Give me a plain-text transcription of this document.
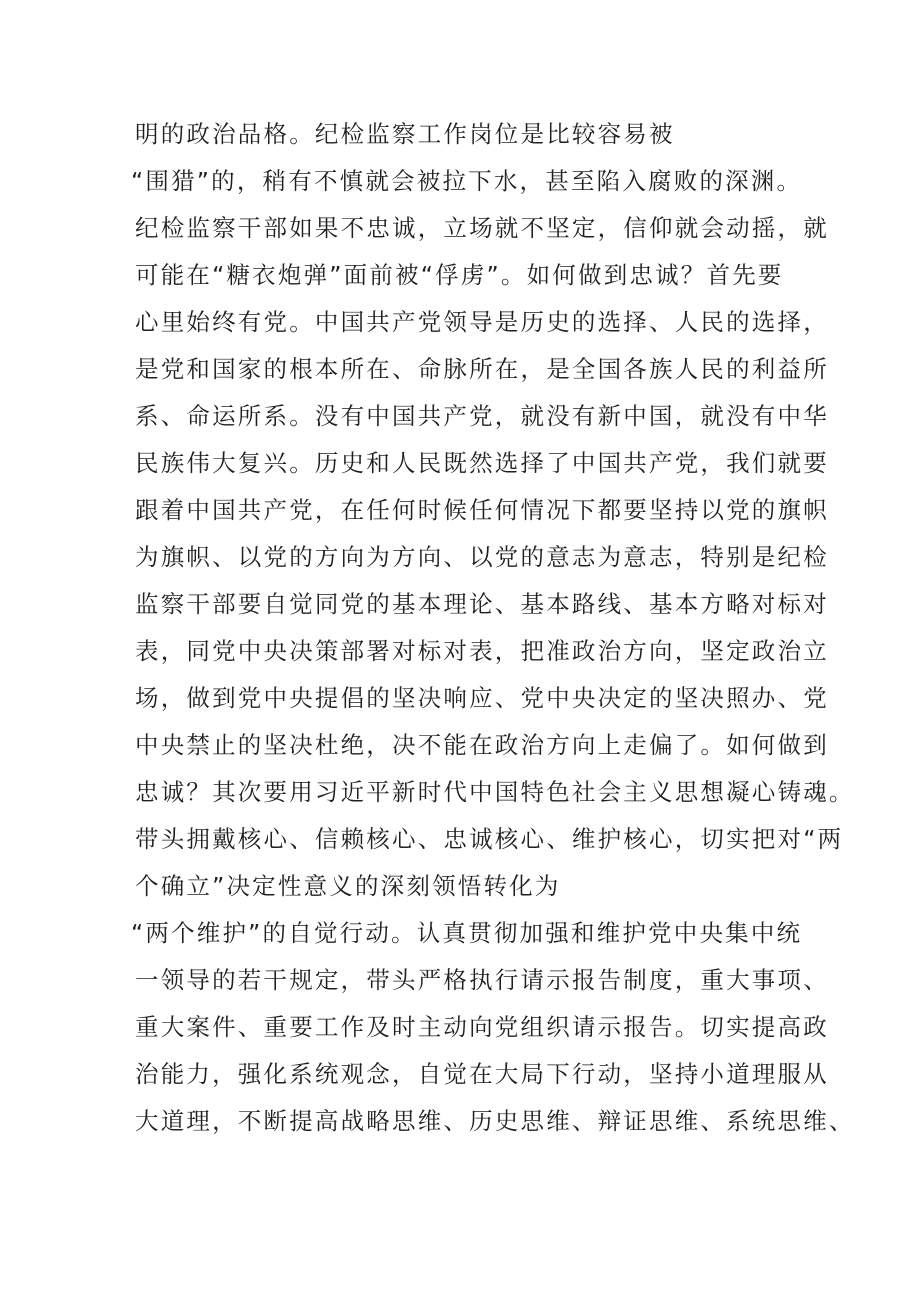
明的政治品格。纪检监察工作岗位是比较容易被
“围猎”的，稍有不慎就会被拉下水，甚至陷入腐败的深渊。
纪检监察干部如果不忠诚，立场就不坚定，信仰就会动摇，就
可能在“糖衣炮弹”面前被“俘虏”。如何做到忠诚？首先要
心里始终有党。中国共产党领导是历史的选择、人民的选择，
是党和国家的根本所在、命脉所在，是全国各族人民的利益所
系、命运所系。没有中国共产党，就没有新中国，就没有中华
民族伟大复兴。历史和人民既然选择了中国共产党，我们就要
跟着中国共产党，在任何时候任何情况下都要坚持以党的旗帜
为旗帜、以党的方向为方向、以党的意志为意志，特别是纪检
监察干部要自觉同党的基本理论、基本路线、基本方略对标对
表，同党中央决策部署对标对表，把准政治方向，坚定政治立
场，做到党中央提倡的坚决响应、党中央决定的坚决照办、党
中央禁止的坚决杜绝，决不能在政治方向上走偏了。如何做到
忠诚？其次要用习近平新时代中国特色社会主义思想凝心铸魂。
带头拥戴核心、信赖核心、忠诚核心、维护核心，切实把对“两
个确立”决定性意义的深刻领悟转化为
“两个维护”的自觉行动。认真贯彻加强和维护党中央集中统
一领导的若干规定，带头严格执行请示报告制度，重大事项、
重大案件、重要工作及时主动向党组织请示报告。切实提高政
治能力，强化系统观念，自觉在大局下行动，坚持小道理服从
大道理，不断提高战略思维、历史思维、辩证思维、系统思维、
